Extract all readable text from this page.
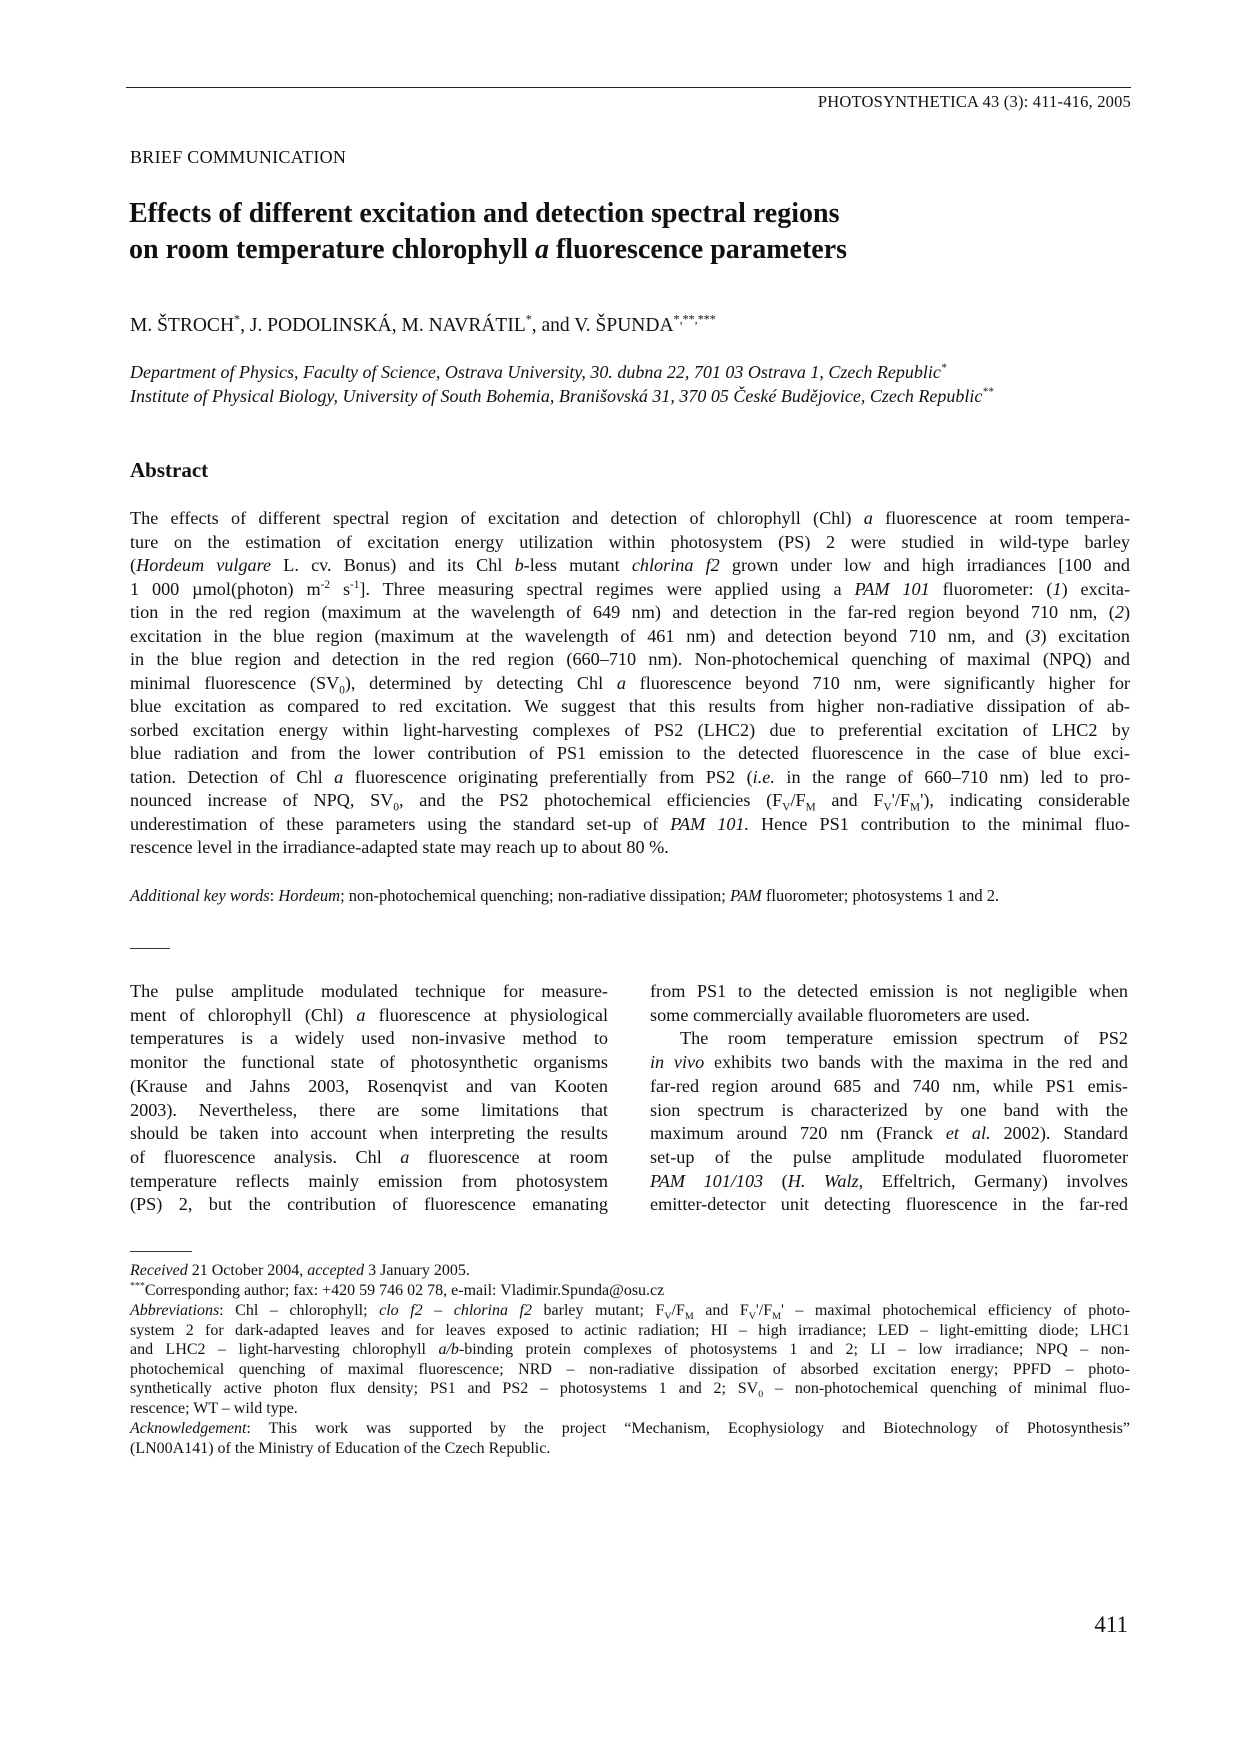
PHOTOSYNTHETICA 43 (3): 411-416, 2005
BRIEF COMMUNICATION
Effects of different excitation and detection spectral regions
on room temperature chlorophyll a fluorescence parameters
M. ŠTROCH*, J. PODOLINSKÁ, M. NAVRÁTIL*, and V. ŠPUNDA*,**,***
Department of Physics, Faculty of Science, Ostrava University, 30. dubna 22, 701 03 Ostrava 1, Czech Republic*
Institute of Physical Biology, University of South Bohemia, Branišovská 31, 370 05 České Budějovice, Czech Republic**
Abstract
The effects of different spectral region of excitation and detection of chlorophyll (Chl) a fluorescence at room tempera-
ture on the estimation of excitation energy utilization within photosystem (PS) 2 were studied in wild-type barley
(Hordeum vulgare L. cv. Bonus) and its Chl b-less mutant chlorina f2 grown under low and high irradiances [100 and
1 000 µmol(photon) $m^{-2}$ $s^{-1}$]. Three measuring spectral regimes were applied using a PAM 101 fluorometer: (1) excita-
tion in the red region (maximum at the wavelength of 649 nm) and detection in the far-red region beyond 710 nm, (2)
excitation in the blue region (maximum at the wavelength of 461 nm) and detection beyond 710 nm, and (3) excitation
in the blue region and detection in the red region (660–710 nm). Non-photochemical quenching of maximal (NPQ) and
minimal fluorescence $(SV_0)$, determined by detecting Chl a fluorescence beyond 710 nm, were significantly higher for
blue excitation as compared to red excitation. We suggest that this results from higher non-radiative dissipation of ab-
sorbed excitation energy within light-harvesting complexes of PS2 (LHC2) due to preferential excitation of LHC2 by
blue radiation and from the lower contribution of PS1 emission to the detected fluorescence in the case of blue exci-
tation. Detection of Chl a fluorescence originating preferentially from PS2 (i.e. in the range of 660–710 nm) led to pro-
nounced increase of NPQ, $SV_0$, and the PS2 photochemical efficiencies ($F_V/F_M$ and $F_V'/F_M'$), indicating considerable
underestimation of these parameters using the standard set-up of PAM 101. Hence PS1 contribution to the minimal fluo-
rescence level in the irradiance-adapted state may reach up to about 80 %.
Additional key words: Hordeum; non-photochemical quenching; non-radiative dissipation; PAM fluorometer; photosystems 1 and 2.
The pulse amplitude modulated technique for measure-
ment of chlorophyll (Chl) a fluorescence at physiological
temperatures is a widely used non-invasive method to
monitor the functional state of photosynthetic organisms
(Krause and Jahns 2003, Rosenqvist and van Kooten
2003). Nevertheless, there are some limitations that
should be taken into account when interpreting the results
of fluorescence analysis. Chl a fluorescence at room
temperature reflects mainly emission from photosystem
(PS) 2, but the contribution of fluorescence emanating
from PS1 to the detected emission is not negligible when
some commercially available fluorometers are used.
The room temperature emission spectrum of PS2
in vivo exhibits two bands with the maxima in the red and
far-red region around 685 and 740 nm, while PS1 emis-
sion spectrum is characterized by one band with the
maximum around 720 nm (Franck et al. 2002). Standard
set-up of the pulse amplitude modulated fluorometer
PAM 101/103 (H. Walz, Effeltrich, Germany) involves
emitter-detector unit detecting fluorescence in the far-red
Received 21 October 2004, accepted 3 January 2005.
***Corresponding author; fax: +420 59 746 02 78, e-mail: Vladimir.Spunda@osu.cz
Abbreviations: Chl – chlorophyll; clo f2 – chlorina f2 barley mutant; $F_V/F_M$ and $F_V'/F_M'$ – maximal photochemical efficiency of photo-
system 2 for dark-adapted leaves and for leaves exposed to actinic radiation; HI – high irradiance; LED – light-emitting diode; LHC1
and LHC2 – light-harvesting chlorophyll a/b-binding protein complexes of photosystems 1 and 2; LI – low irradiance; NPQ – non-
photochemical quenching of maximal fluorescence; NRD – non-radiative dissipation of absorbed excitation energy; PPFD – photo-
synthetically active photon flux density; PS1 and PS2 – photosystems 1 and 2; $SV_0$ – non-photochemical quenching of minimal fluo-
rescence; WT – wild type.
Acknowledgement: This work was supported by the project “Mechanism, Ecophysiology and Biotechnology of Photosynthesis”
(LN00A141) of the Ministry of Education of the Czech Republic.
411
